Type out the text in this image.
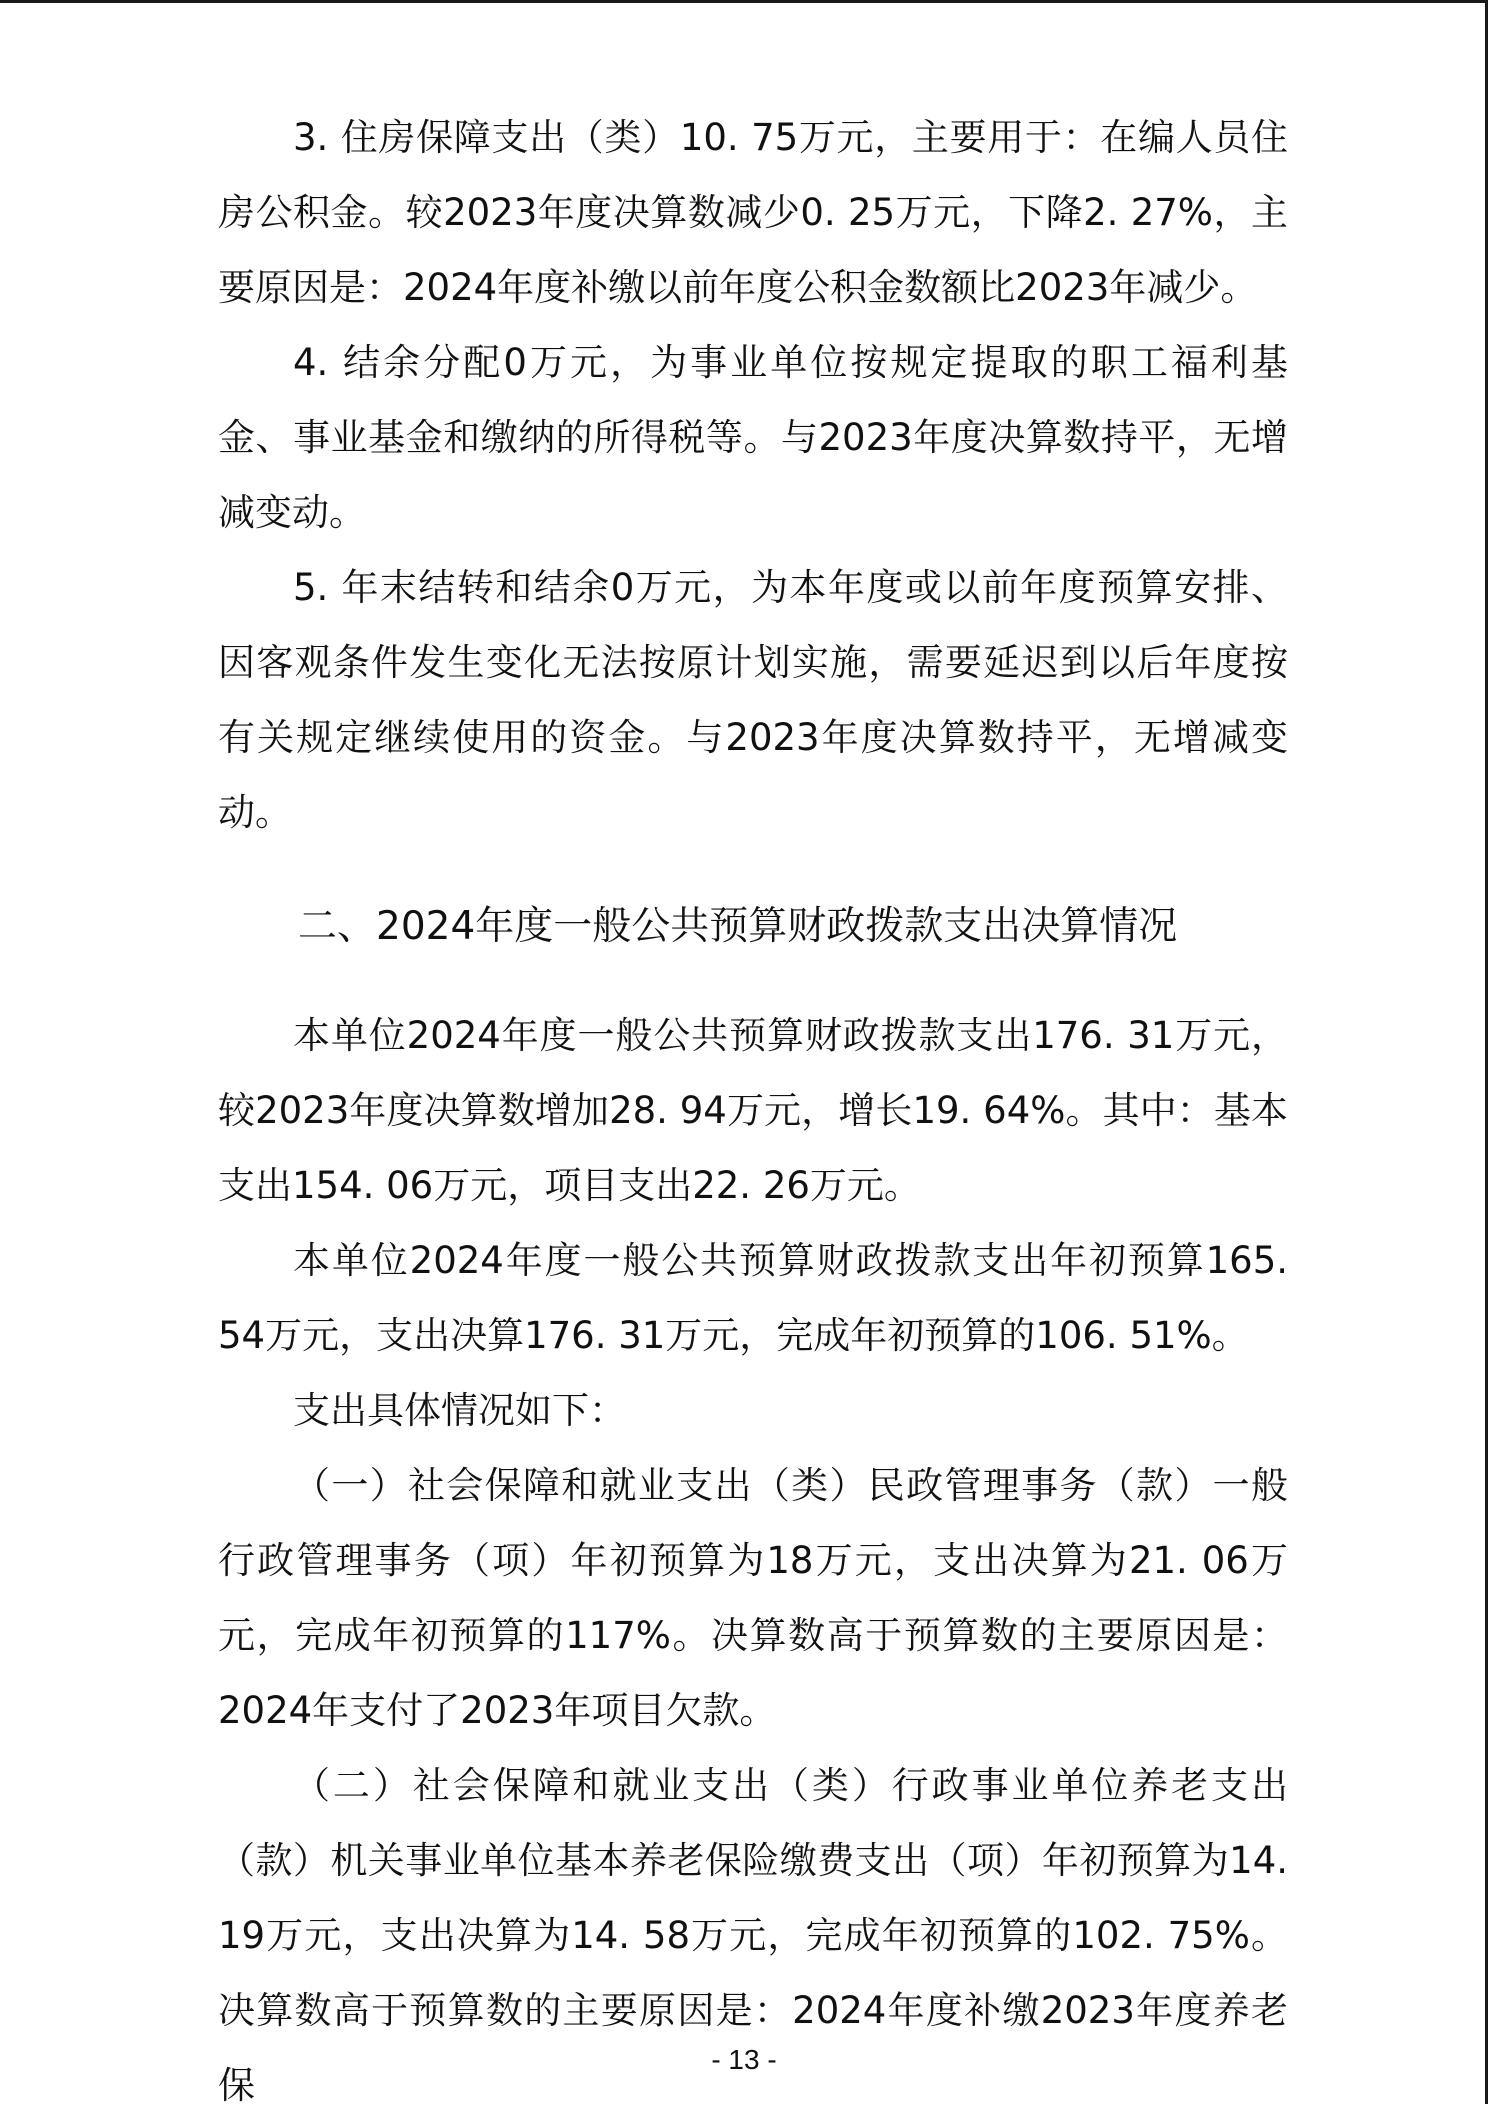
3. 住房保障支出（类）10. 75万元，主要用于：在编人员住房公积金。较2023年度决算数减少0. 25万元，下降2. 27%，主要原因是：2024年度补缴以前年度公积金数额比2023年减少。

4. 结余分配0万元，为事业单位按规定提取的职工福利基金、事业基金和缴纳的所得税等。与2023年度决算数持平，无增减变动。

5. 年末结转和结余0万元，为本年度或以前年度预算安排、因客观条件发生变化无法按原计划实施，需要延迟到以后年度按有关规定继续使用的资金。与2023年度决算数持平，无增减变动。

二、2024年度一般公共预算财政拨款支出决算情况

本单位2024年度一般公共预算财政拨款支出176. 31万元，较2023年度决算数增加28. 94万元，增长19. 64%。其中：基本支出154. 06万元，项目支出22. 26万元。

本单位2024年度一般公共预算财政拨款支出年初预算165. 54万元，支出决算176. 31万元，完成年初预算的106. 51%。

支出具体情况如下：

（一）社会保障和就业支出（类）民政管理事务（款）一般行政管理事务（项）年初预算为18万元，支出决算为21. 06万元，完成年初预算的117%。决算数高于预算数的主要原因是：2024年支付了2023年项目欠款。

（二）社会保障和就业支出（类）行政事业单位养老支出（款）机关事业单位基本养老保险缴费支出（项）年初预算为14. 19万元，支出决算为14. 58万元，完成年初预算的102. 75%。决算数高于预算数的主要原因是：2024年度补缴2023年度养老保

- 13 -
